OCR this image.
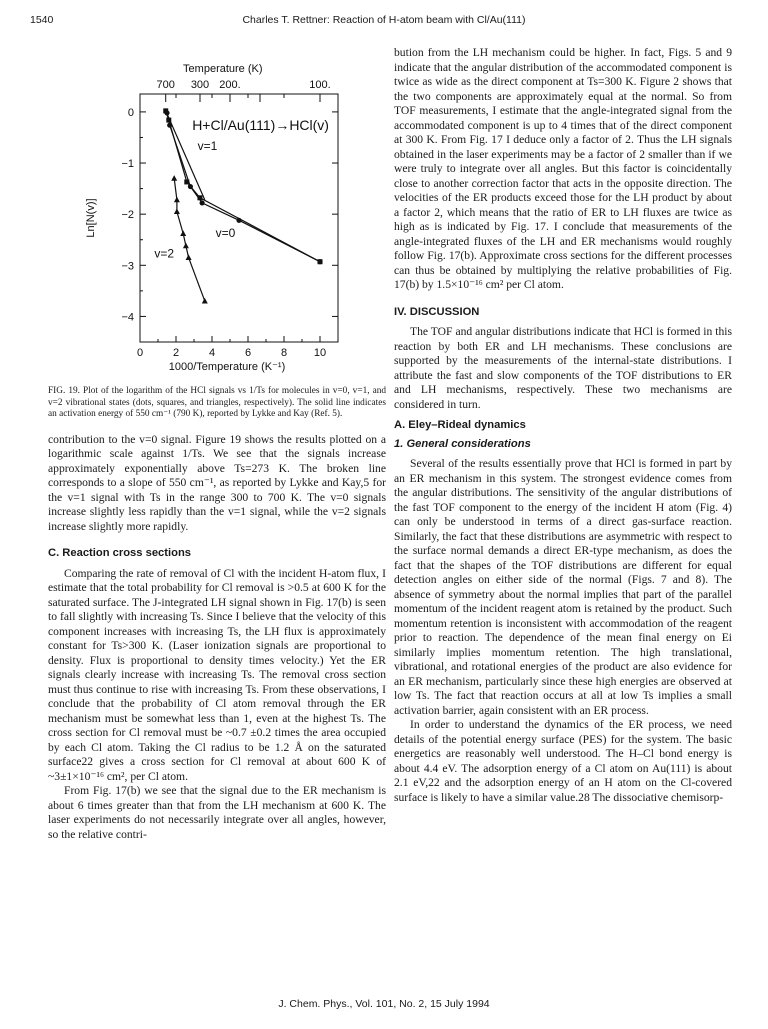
1540	Charles T. Rettner: Reaction of H-atom beam with Cl/Au(111)
0	2	4	6	8 10
1000/Temperature (K⁻¹)
0
−1
−2
−3
−4
Ln[N(v)]
700 300 200.	100.
Temperature (K)
H+Cl/Au(111)→HCl(v)
v=1
v=0
v=2
FIG. 19. Plot of the logarithm of the HCl signals vs 1/Ts for molecules in v=0, v=1, and v=2 vibrational states (dots, squares, and triangles, respectively). The solid line indicates an activation energy of 550 cm⁻¹ (790 K), reported by Lykke and Kay (Ref. 5).

contribution to the v=0 signal. Figure 19 shows the results plotted on a logarithmic scale against 1/Ts. We see that the signals increase approximately exponentially above Ts=273 K. The broken line corresponds to a slope of 550 cm⁻¹, as reported by Lykke and Kay,5 for the v=1 signal with Ts in the range 300 to 700 K. The v=0 signals increase slightly less rapidly than the v=1 signal, while the v=2 signals increase slightly more rapidly.

C. Reaction cross sections

Comparing the rate of removal of Cl with the incident H-atom flux, I estimate that the total probability for Cl removal is >0.5 at 600 K for the saturated surface. The J-integrated LH signal shown in Fig. 17(b) is seen to fall slightly with increasing Ts. Since I believe that the velocity of this component increases with increasing Ts, the LH flux is approximately constant for Ts>300 K. (Laser ionization signals are proportional to density. Flux is proportional to density times velocity.) Yet the ER signals clearly increase with increasing Ts. The removal cross section must thus continue to rise with increasing Ts. From these observations, I conclude that the probability of Cl atom removal through the ER mechanism must be somewhat less than 1, even at the highest Ts. The cross section for Cl removal must be ~0.7 ±0.2 times the area occupied by each Cl atom. Taking the Cl radius to be 1.2 Å on the saturated surface22 gives a cross section for Cl removal at about 600 K of ~3±1×10⁻¹⁶ cm², per Cl atom.

From Fig. 17(b) we see that the signal due to the ER mechanism is about 6 times greater than that from the LH mechanism at 600 K. The laser experiments do not necessarily integrate over all angles, however, so the relative contri-

bution from the LH mechanism could be higher. In fact, Figs. 5 and 9 indicate that the angular distribution of the accommodated component is twice as wide as the direct component at Ts=300 K. Figure 2 shows that the two components are approximately equal at the normal. So from TOF measurements, I estimate that the angle-integrated signal from the accommodated component is up to 4 times that of the direct component at 300 K. From Fig. 17 I deduce only a factor of 2. Thus the LH signals obtained in the laser experiments may be a factor of 2 smaller than if we were truly to integrate over all angles. But this factor is coincidentally close to another correction factor that acts in the opposite direction. The velocities of the ER products exceed those for the LH product by about a factor 2, which means that the ratio of ER to LH fluxes are twice as high as is indicated by Fig. 17. I conclude that measurements of the angle-integrated fluxes of the LH and ER mechanisms would roughly follow Fig. 17(b). Approximate cross sections for the different processes can thus be obtained by multiplying the relative probabilities of Fig. 17(b) by 1.5×10⁻¹⁶ cm² per Cl atom.

IV. DISCUSSION

The TOF and angular distributions indicate that HCl is formed in this reaction by both ER and LH mechanisms. These conclusions are supported by the measurements of the internal-state distributions. I attribute the fast and slow components of the TOF distributions to ER and LH mechanisms, respectively. These two mechanisms are considered in turn.

A. Eley–Rideal dynamics
1. General considerations

Several of the results essentially prove that HCl is formed in part by an ER mechanism in this system. The strongest evidence comes from the angular distributions. The sensitivity of the angular distributions of the fast TOF component to the energy of the incident H atom (Fig. 4) can only be understood in terms of a direct gas-surface reaction. Similarly, the fact that these distributions are asymmetric with respect to the surface normal demands a direct ER-type mechanism, as does the fact that the shapes of the TOF distributions are different for equal detection angles on either side of the normal (Figs. 7 and 8). The absence of symmetry about the normal implies that part of the parallel momentum of the incident reagent atom is retained by the product. Such momentum retention is inconsistent with accommodation of the reagent prior to reaction. The dependence of the mean final energy on Ei similarly implies momentum retention. The high translational, vibrational, and rotational energies of the product are also evidence for an ER mechanism, particularly since these high energies are observed at low Ts. The fact that reaction occurs at all at low Ts implies a small activation barrier, again consistent with an ER process.

In order to understand the dynamics of the ER process, we need details of the potential energy surface (PES) for the system. The basic energetics are reasonably well understood. The H–Cl bond energy is about 4.4 eV. The adsorption energy of a Cl atom on Au(111) is about 2.1 eV,22 and the adsorption energy of an H atom on the Cl-covered surface is likely to have a similar value.28 The dissociative chemisorp-

J. Chem. Phys., Vol. 101, No. 2, 15 July 1994
